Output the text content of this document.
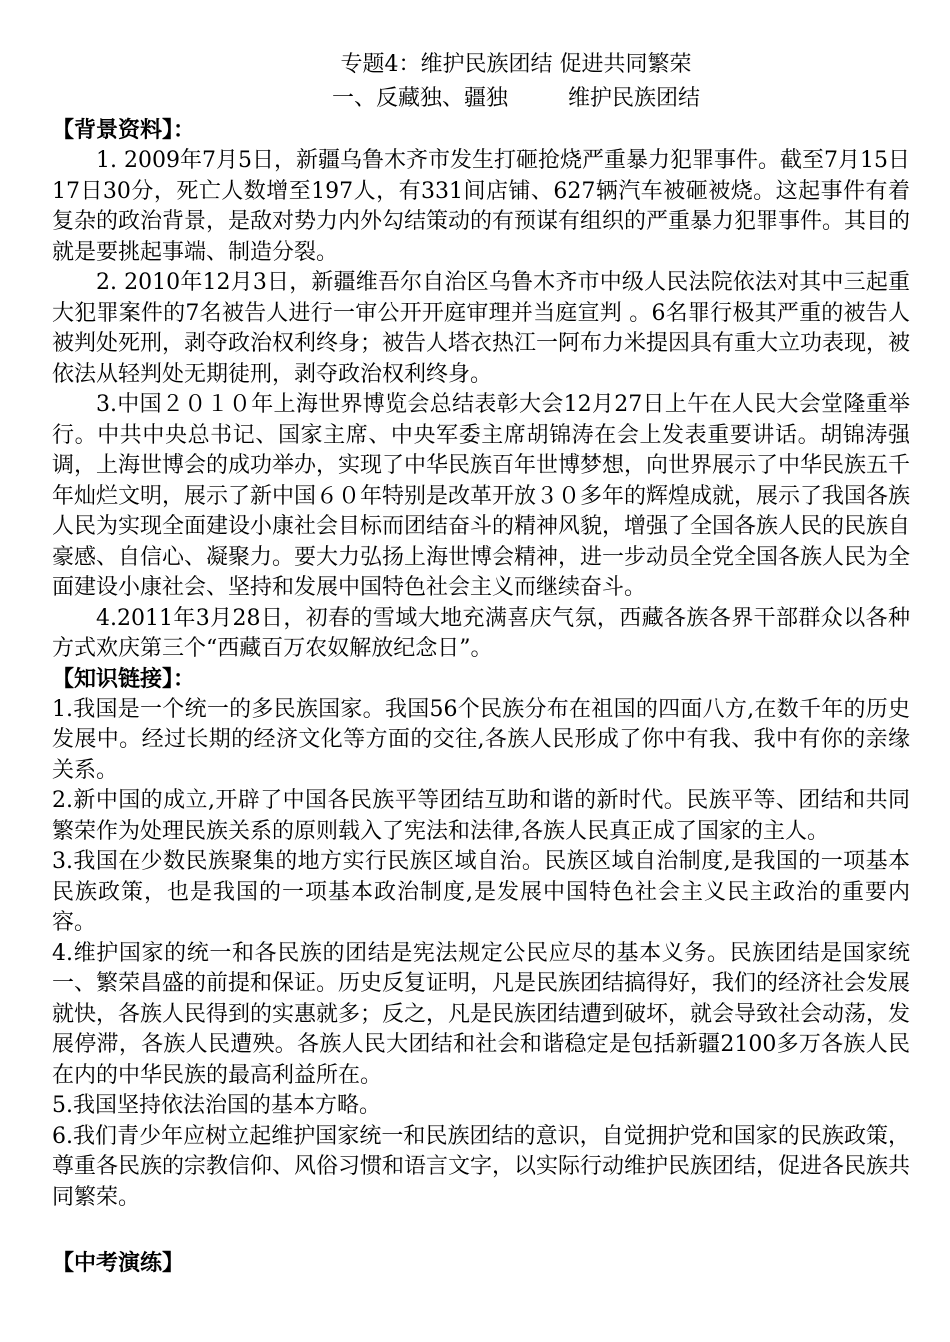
专题4：维护民族团结 促进共同繁荣
一、反藏独、疆独	维护民族团结
【背景资料】：

1. 2009年7月5日，新疆乌鲁木齐市发生打砸抢烧严重暴力犯罪事件。截至7月15日17日30分，死亡人数增至197人，有331间店铺、627辆汽车被砸被烧。这起事件有着复杂的政治背景，是敌对势力内外勾结策动的有预谋有组织的严重暴力犯罪事件。其目的就是要挑起事端、制造分裂。

2. 2010年12月3日，新疆维吾尔自治区乌鲁木齐市中级人民法院依法对其中三起重大犯罪案件的7名被告人进行一审公开开庭审理并当庭宣判 。6名罪行极其严重的被告人被判处死刑，剥夺政治权利终身；被告人塔衣热江一阿布力米提因具有重大立功表现，被依法从轻判处无期徒刑，剥夺政治权利终身。

3.中国２０１０年上海世界博览会总结表彰大会12月27日上午在人民大会堂隆重举行。中共中央总书记、国家主席、中央军委主席胡锦涛在会上发表重要讲话。胡锦涛强调，上海世博会的成功举办，实现了中华民族百年世博梦想，向世界展示了中华民族五千年灿烂文明，展示了新中国６０年特别是改革开放３０多年的辉煌成就，展示了我国各族人民为实现全面建设小康社会目标而团结奋斗的精神风貌，增强了全国各族人民的民族自豪感、自信心、凝聚力。要大力弘扬上海世博会精神，进一步动员全党全国各族人民为全面建设小康社会、坚持和发展中国特色社会主义而继续奋斗。

4.2011年3月28日，初春的雪域大地充满喜庆气氛，西藏各族各界干部群众以各种方式欢庆第三个“西藏百万农奴解放纪念日”。

【知识链接】：

1.我国是一个统一的多民族国家。我国56个民族分布在祖国的四面八方,在数千年的历史发展中。经过长期的经济文化等方面的交往,各族人民形成了你中有我、我中有你的亲缘关系。

2.新中国的成立,开辟了中国各民族平等团结互助和谐的新时代。民族平等、团结和共同繁荣作为处理民族关系的原则载入了宪法和法律,各族人民真正成了国家的主人。

3.我国在少数民族聚集的地方实行民族区域自治。民族区域自治制度,是我国的一项基本民族政策，也是我国的一项基本政治制度,是发展中国特色社会主义民主政治的重要内容。

4.维护国家的统一和各民族的团结是宪法规定公民应尽的基本义务。民族团结是国家统一、繁荣昌盛的前提和保证。历史反复证明，凡是民族团结搞得好，我们的经济社会发展就快，各族人民得到的实惠就多；反之，凡是民族团结遭到破坏，就会导致社会动荡，发展停滞，各族人民遭殃。各族人民大团结和社会和谐稳定是包括新疆2100多万各族人民在内的中华民族的最高利益所在。

5.我国坚持依法治国的基本方略。

6.我们青少年应树立起维护国家统一和民族团结的意识，自觉拥护党和国家的民族政策，尊重各民族的宗教信仰、风俗习惯和语言文字，以实际行动维护民族团结，促进各民族共同繁荣。

【中考演练】
